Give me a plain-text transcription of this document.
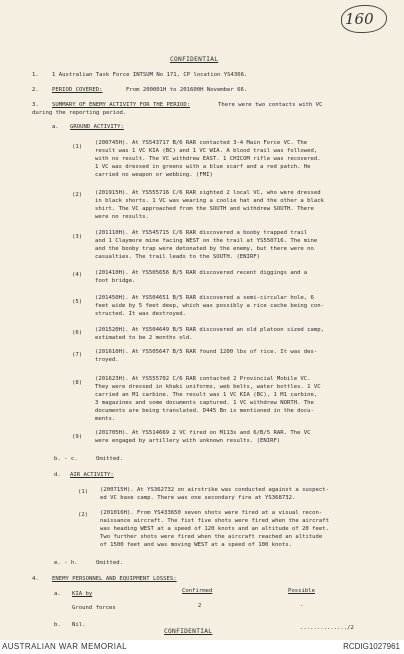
160
CONFIDENTIAL
1. 1 Australian Task Force INTSUM No 171, CP location YS4366.
2. PERIOD COVERED:	From 200001H to 201600H November 66.
3. SUMMARY OF ENEMY ACTIVITY FOR THE PERIOD:	There were two contacts with VC
during the reporting period.
a. GROUND ACTIVITY:
(1)
(200745H). At YS543717 B/6 RAR contacted 3-4 Main Force VC. The
result was 1 VC KIA (BC) and 1 VC WIA. A blood trail was followed,
with no result. The VC withdrew EAST. 1 CHICOM rifle was recovered.
1 VC was dressed in greens with a blue scarf and a red patch. He
carried no weapon or webbing. (FMI)
(2) (201915H). At YS555716 C/6 RAR sighted 2 local VC, who were dressed
in black shorts. 1 VC was wearing a coolie hat and the other a black
shirt. The VC approached from the SOUTH and withdrew SOUTH. There
were no results.
(3)
(201110H). At YS545715 C/6 RAR discovered a booby trapped trail
and 1 Claymore mine facing WEST on the trail at YS550716. The mine
and the booby trap were detonated by the enemy, but there were no
casualties. The trail leads to the SOUTH. (ENIRF)
(4) (201410H). At YS505656 B/5 RAR discovered recent diggings and a
foot bridge.
(5)
(201450H). At YS504651 B/5 RAR discovered a semi-circular hole, 6
feet wide by 5 feet deep, which was possibly a rice cache being con-
structed. It was destroyed.
(6) (201520H). At YS504649 B/5 RAR discovered an old platoon sized camp,
estimated to be 2 months old.
(7) (201610H). At YS505647 B/5 RAR found 1200 lbs of rice. It was des-
troyed.
(8)
(201623H). At YS555702 C/6 RAR contacted 2 Provincial Mobile VC.
They were dressed in khaki uniforms, web belts, water bottles. 1 VC
carried an M1 carbine. The result was 1 VC KIA (BC), 1 M1 carbine,
3 magazines and some documents captured. 1 VC withdrew NORTH. The
documents are being translated. D445 Bn is mentioned in the docu-
ments.
(9)
(201705H). At YS514669 2 VC fired on M113s and 6/B/5 RAR. The VC
were engaged by artillery with unknown results. (ENIRF)
b. - c.	Omitted.
d. AIR ACTIVITY:
(1) (200715H). At YS362732 on airstrike was conducted against a suspect-
ed VC base camp. There was one secondary fire at YS368732.
(2) (201016H). From YS433650 seven shots were fired at a visual recon-
naissance aircraft. The fist five shots were fired when the aircraft
was heading WEST at a speed of 120 knots and an altitude of 20 feet.
Two further shots were fired when the aircraft reached an altitude
of 1500 feet and was moving WEST at a speed of 100 knots.
e. - h.	Omitted.
4. ENEMY PERSONNEL AND EQUIPMENT LOSSES:
a. KIA by	Confirmed	Possible
Ground forces	2	-
b. Nil.
CONFIDENTIAL	............../2
AUSTRALIAN WAR MEMORIAL	RCDIG1027961
